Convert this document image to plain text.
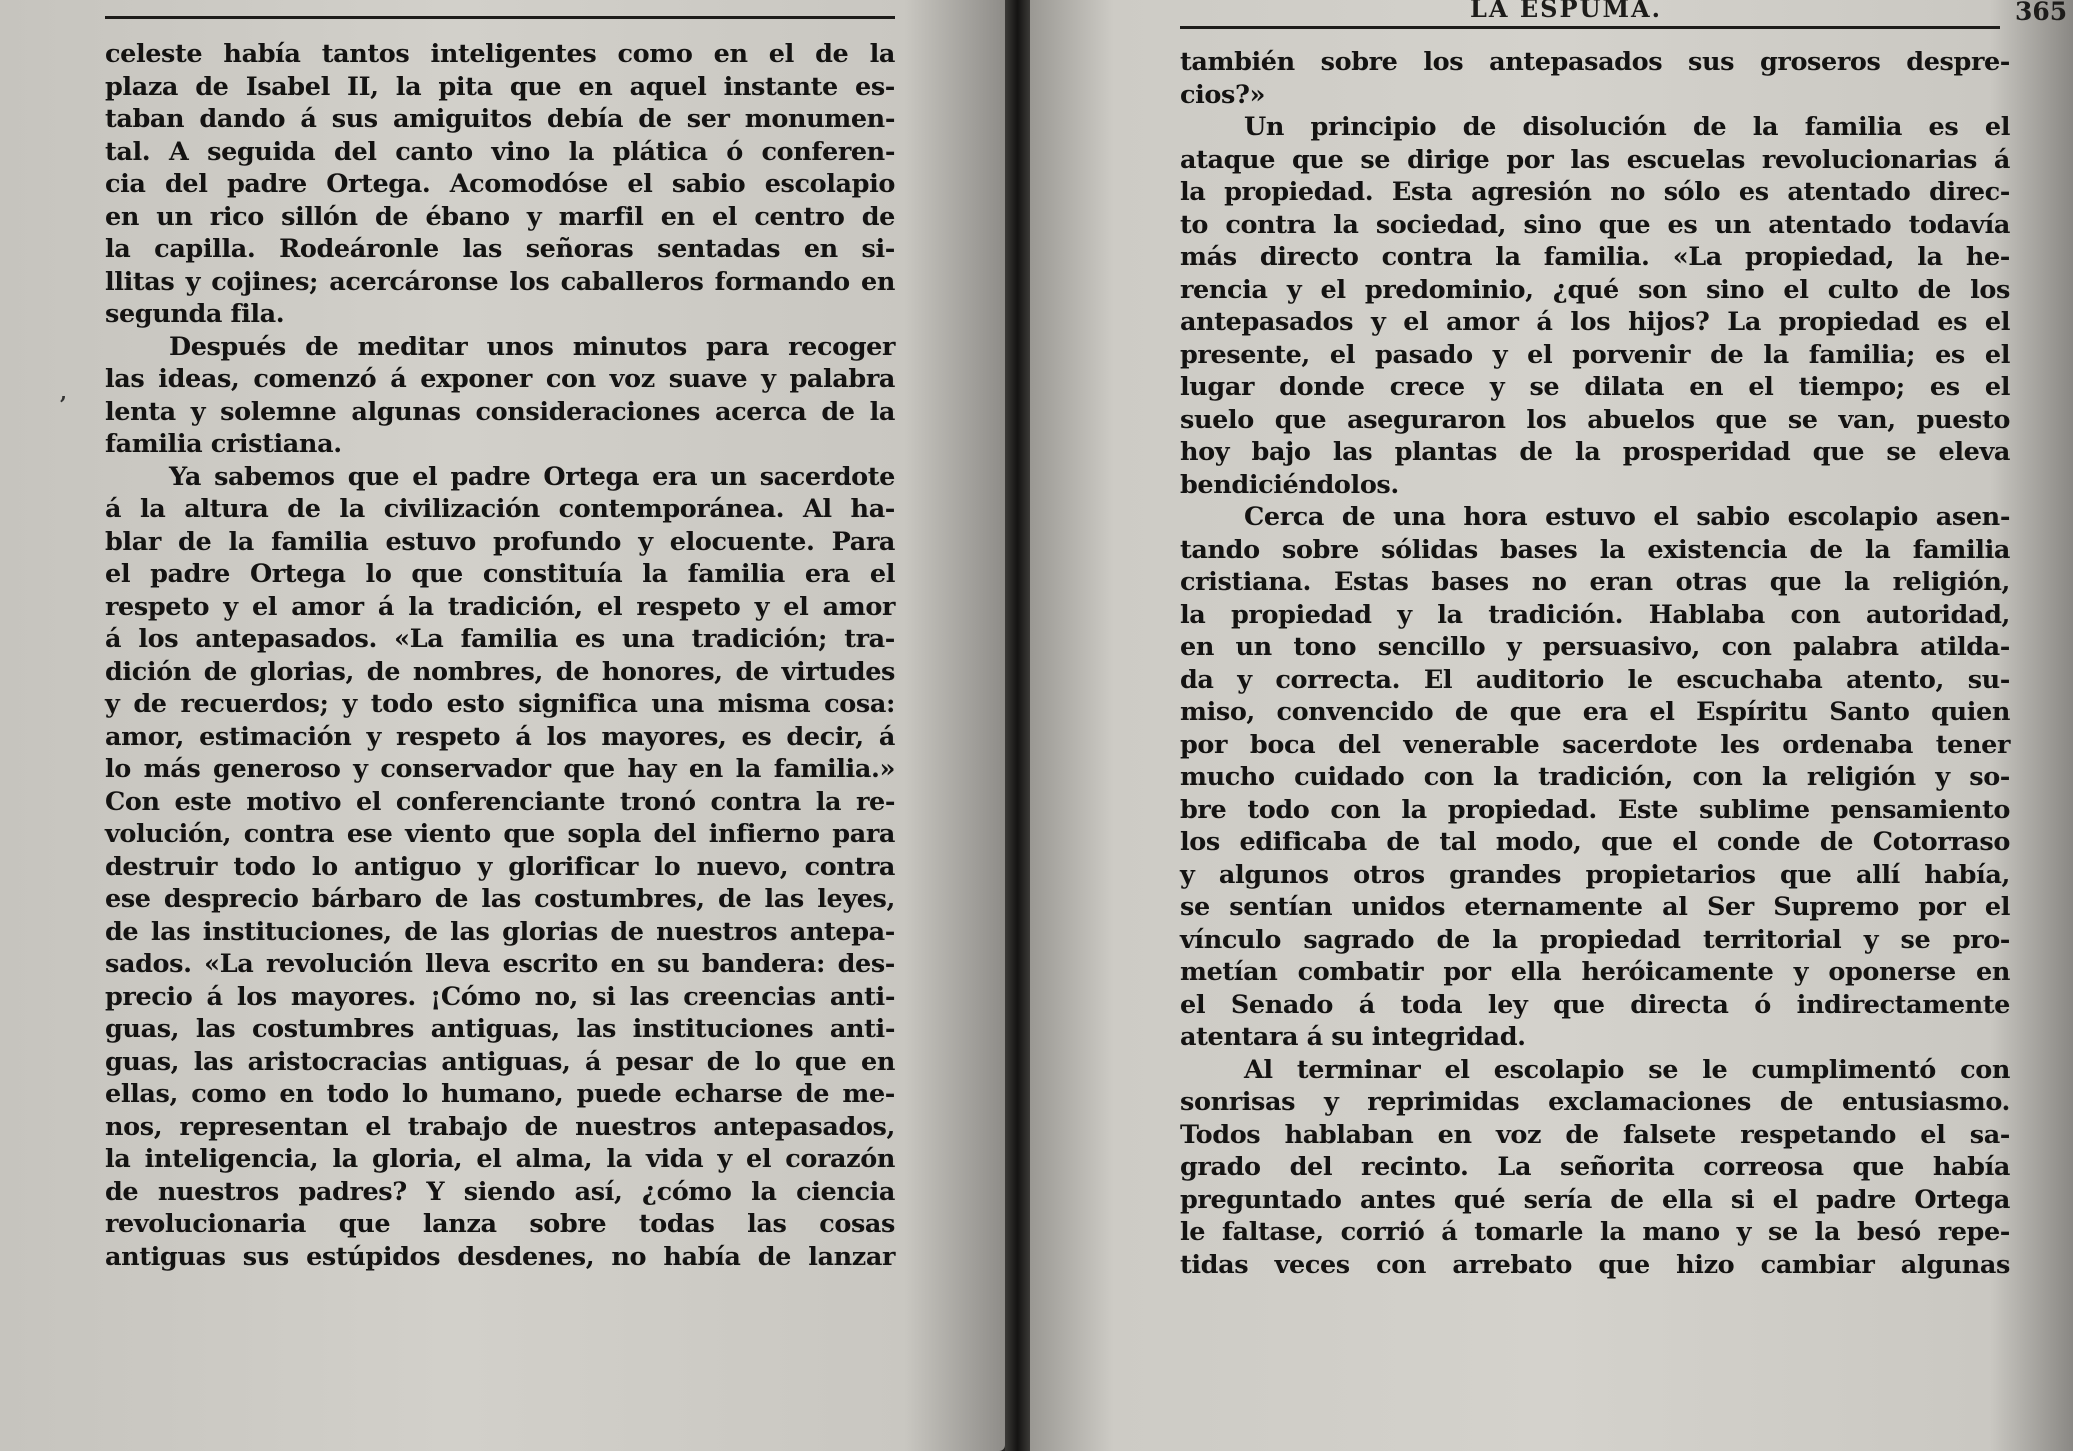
celeste había tantos inteligentes como en el de la
plaza de Isabel II, la pita que en aquel instante es-
taban dando á sus amiguitos debía de ser monumen-
tal. A seguida del canto vino la plática ó conferen-
cia del padre Ortega. Acomodóse el sabio escolapio
en un rico sillón de ébano y marfil en el centro de
la capilla. Rodeáronle las señoras sentadas en si-
llitas y cojines; acercáronse los caballeros formando en
segunda fila.
Después de meditar unos minutos para recoger
las ideas, comenzó á exponer con voz suave y palabra
lenta y solemne algunas consideraciones acerca de la
familia cristiana.
Ya sabemos que el padre Ortega era un sacerdote
á la altura de la civilización contemporánea. Al ha-
blar de la familia estuvo profundo y elocuente. Para
el padre Ortega lo que constituía la familia era el
respeto y el amor á la tradición, el respeto y el amor
á los antepasados. «La familia es una tradición; tra-
dición de glorias, de nombres, de honores, de virtudes
y de recuerdos; y todo esto significa una misma cosa:
amor, estimación y respeto á los mayores, es decir, á
lo más generoso y conservador que hay en la familia.»
Con este motivo el conferenciante tronó contra la re-
volución, contra ese viento que sopla del infierno para
destruir todo lo antiguo y glorificar lo nuevo, contra
ese desprecio bárbaro de las costumbres, de las leyes,
de las instituciones, de las glorias de nuestros antepa-
sados. «La revolución lleva escrito en su bandera: des-
precio á los mayores. ¡Cómo no, si las creencias anti-
guas, las costumbres antiguas, las instituciones anti-
guas, las aristocracias antiguas, á pesar de lo que en
ellas, como en todo lo humano, puede echarse de me-
nos, representan el trabajo de nuestros antepasados,
la inteligencia, la gloria, el alma, la vida y el corazón
de nuestros padres? Y siendo así, ¿cómo la ciencia
revolucionaria que lanza sobre todas las cosas
antiguas sus estúpidos desdenes, no había de lanzar
,
LA ESPUMA.	365
también sobre los antepasados sus groseros despre-
cios?»
Un principio de disolución de la familia es el
ataque que se dirige por las escuelas revolucionarias á
la propiedad. Esta agresión no sólo es atentado direc-
to contra la sociedad, sino que es un atentado todavía
más directo contra la familia. «La propiedad, la he-
rencia y el predominio, ¿qué son sino el culto de los
antepasados y el amor á los hijos? La propiedad es el
presente, el pasado y el porvenir de la familia; es el
lugar donde crece y se dilata en el tiempo; es el
suelo que aseguraron los abuelos que se van, puesto
hoy bajo las plantas de la prosperidad que se eleva
bendiciéndolos.
Cerca de una hora estuvo el sabio escolapio asen-
tando sobre sólidas bases la existencia de la familia
cristiana. Estas bases no eran otras que la religión,
la propiedad y la tradición. Hablaba con autoridad,
en un tono sencillo y persuasivo, con palabra atilda-
da y correcta. El auditorio le escuchaba atento, su-
miso, convencido de que era el Espíritu Santo quien
por boca del venerable sacerdote les ordenaba tener
mucho cuidado con la tradición, con la religión y so-
bre todo con la propiedad. Este sublime pensamiento
los edificaba de tal modo, que el conde de Cotorraso
y algunos otros grandes propietarios que allí había,
se sentían unidos eternamente al Ser Supremo por el
vínculo sagrado de la propiedad territorial y se pro-
metían combatir por ella heróicamente y oponerse en
el Senado á toda ley que directa ó indirectamente
atentara á su integridad.
Al terminar el escolapio se le cumplimentó con
sonrisas y reprimidas exclamaciones de entusiasmo.
Todos hablaban en voz de falsete respetando el sa-
grado del recinto. La señorita correosa que había
preguntado antes qué sería de ella si el padre Ortega
le faltase, corrió á tomarle la mano y se la besó repe-
tidas veces con arrebato que hizo cambiar algunas
